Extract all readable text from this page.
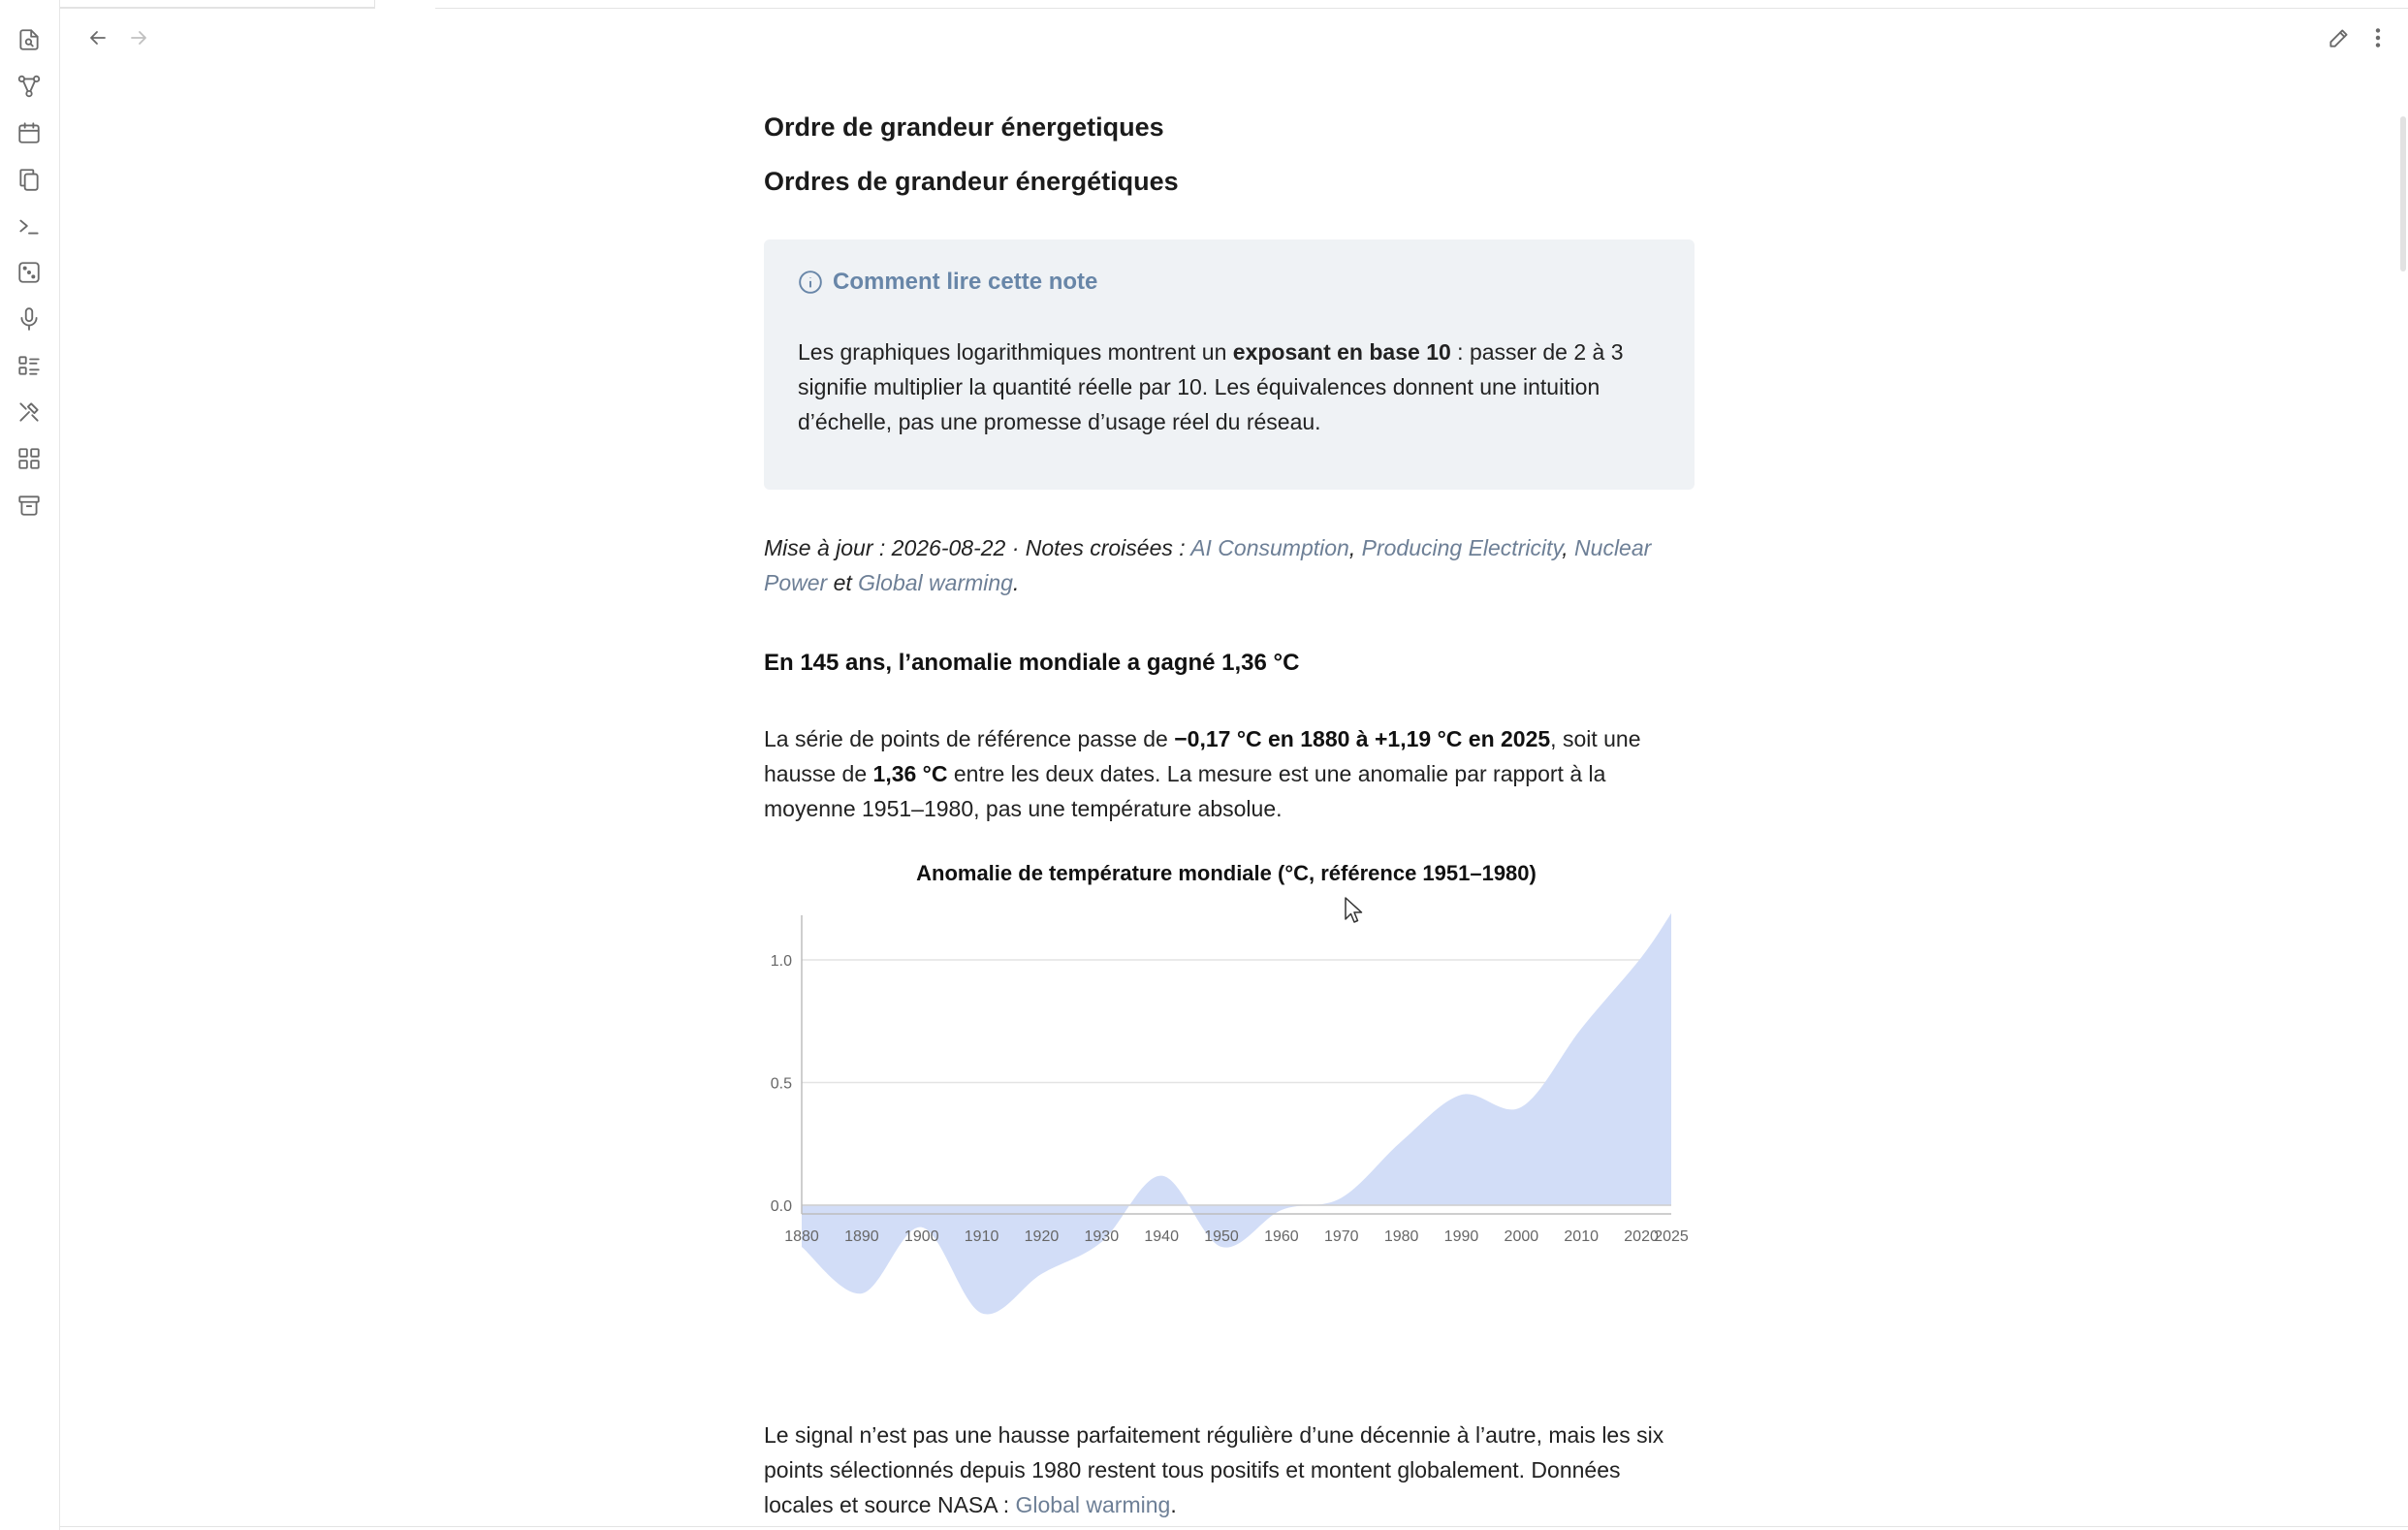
Ordre de grandeur énergetiques
Ordres de grandeur énergétiques
Comment lire cette note
Les graphiques logarithmiques montrent un exposant en base 10 : passer de 2 à 3 signifie multiplier la quantité réelle par 10. Les équivalences donnent une intuition d’échelle, pas une promesse d’usage réel du réseau.
Mise à jour : 2026-08-22 · Notes croisées : AI Consumption, Producing Electricity, Nuclear Power et Global warming.
En 145 ans, l’anomalie mondiale a gagné 1,36 °C
La série de points de référence passe de −0,17 °C en 1880 à +1,19 °C en 2025, soit une hausse de 1,36 °C entre les deux dates. La mesure est une anomalie par rapport à la moyenne 1951–1980, pas une température absolue.
Le signal n’est pas une hausse parfaitement régulière d’une décennie à l’autre, mais les six points sélectionnés depuis 1980 restent tous positifs et montent globalement. Données locales et source NASA : Global warming.
1.0
0.5
0.0
1880 1890 1900 1910 1920 1930 1940 1950 1960 1970 1980 1990 2000 2010 2020
2025
Anomalie de température mondiale (°C, référence 1951–1980)
